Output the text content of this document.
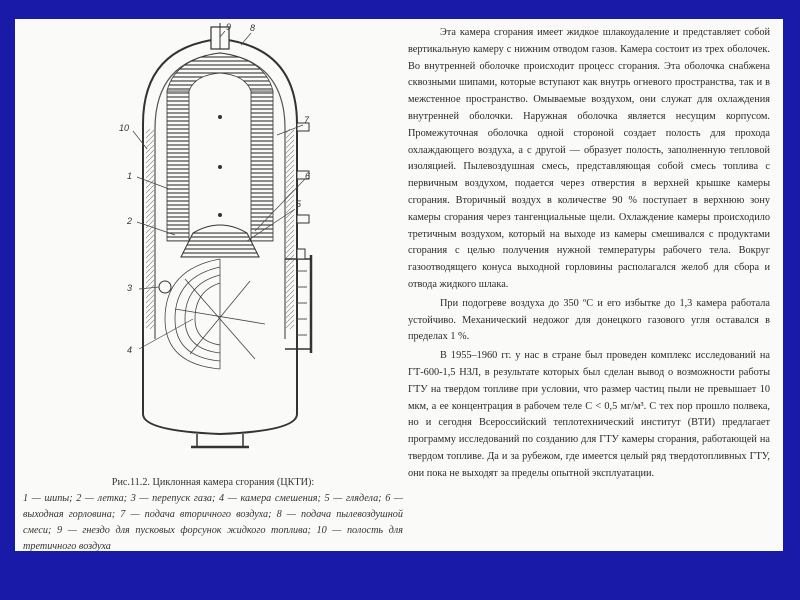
9 8
7
10
1	6
2
5
3
4
Рис.11.2. Циклонная камера сгорания (ЦКТИ):
1 — шипы; 2 — летка; 3 — перепуск газа; 4 — камера смешения; 5 — глядела; 6 — выходная горловина; 7 — подача вторичного воздуха; 8 — подача пылевоздушной смеси; 9 — гнездо для пусковых форсунок жидкого топлива; 10 — полость для третичного воздуха

Эта камера сгорания имеет жидкое шлакоудаление и представляет собой вертикальную камеру с нижним отводом газов. Камера состоит из трех оболочек. Во внутренней оболочке происходит процесс сгорания. Эта оболочка снабжена сквозными шипами, которые вступают как внутрь огневого пространства, так и в межстенное пространство. Омываемые воздухом, они служат для охлаждения внутренней оболочки. Наружная оболочка является несущим корпусом. Промежуточная оболочка одной стороной создает полость для прохода охлаждающего воздуха, а с другой — образует полость, заполненную тепловой изоляцией. Пылевоздушная смесь, представляющая собой смесь топлива с первичным воздухом, подается через отверстия в верхней крышке камеры сгорания. Вторичный воздух в количестве 90 % поступает в верхнюю зону камеры сгорания через тангенциальные щели. Охлаждение камеры происходило третичным воздухом, который на выходе из камеры смешивался с продуктами сгорания с целью получения нужной температуры рабочего тела. Вокруг газоотводящего конуса выходной горловины располагался желоб для сбора и отвода жидкого шлака.

При подогреве воздуха до 350 ºС и его избытке до 1,3 камера работала устойчиво. Механический недожог для донецкого газового угля оставался в пределах 1 %.

В 1955–1960 гг. у нас в стране был проведен комплекс исследований на ГТ-600-1,5 НЗЛ, в результате которых был сделан вывод о возможности работы ГТУ на твердом топливе при условии, что размер частиц пыли не превышает 10 мкм, а ее концентрация в рабочем теле С < 0,5 мг/м³. С тех пор прошло полвека, но и сегодня Всероссийский теплотехнический институт (ВТИ) предлагает программу исследований по созданию для ГТУ камеры сгорания, работающей на твердом топливе. Да и за рубежом, где имеется целый ряд твердотопливных ГТУ, они пока не выходят за пределы опытной эксплуатации.
